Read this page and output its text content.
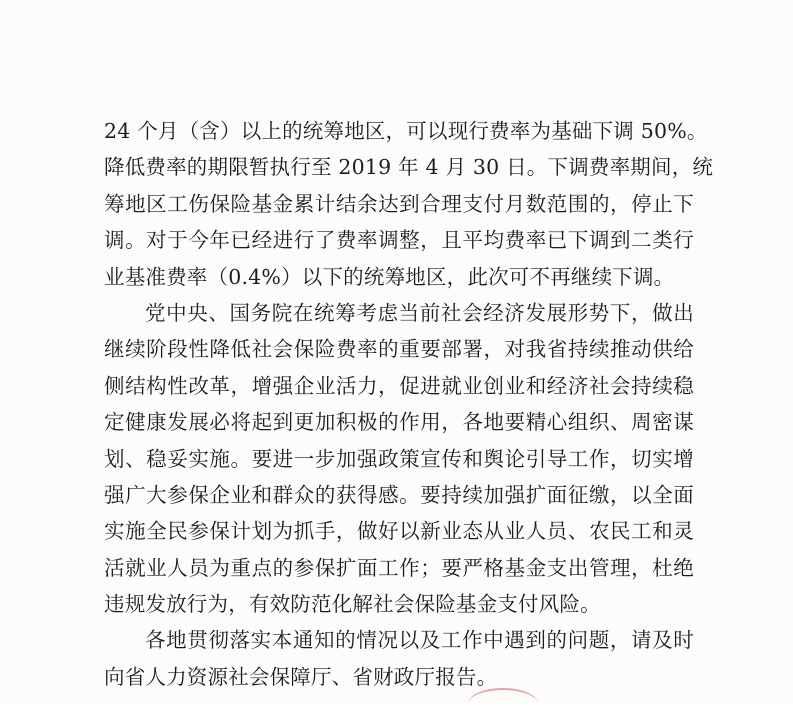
24 个月（含）以上的统筹地区，可以现行费率为基础下调 50%。
降低费率的期限暂执行至 2019 年 4 月 30 日。下调费率期间，统
筹地区工伤保险基金累计结余达到合理支付月数范围的，停止下
调。对于今年已经进行了费率调整，且平均费率已下调到二类行
业基准费率（0.4%）以下的统筹地区，此次可不再继续下调。
党中央、国务院在统筹考虑当前社会经济发展形势下，做出
继续阶段性降低社会保险费率的重要部署，对我省持续推动供给
侧结构性改革，增强企业活力，促进就业创业和经济社会持续稳
定健康发展必将起到更加积极的作用，各地要精心组织、周密谋
划、稳妥实施。要进一步加强政策宣传和舆论引导工作，切实增
强广大参保企业和群众的获得感。要持续加强扩面征缴，以全面
实施全民参保计划为抓手，做好以新业态从业人员、农民工和灵
活就业人员为重点的参保扩面工作；要严格基金支出管理，杜绝
违规发放行为，有效防范化解社会保险基金支付风险。
各地贯彻落实本通知的情况以及工作中遇到的问题，请及时
向省人力资源社会保障厅、省财政厅报告。
